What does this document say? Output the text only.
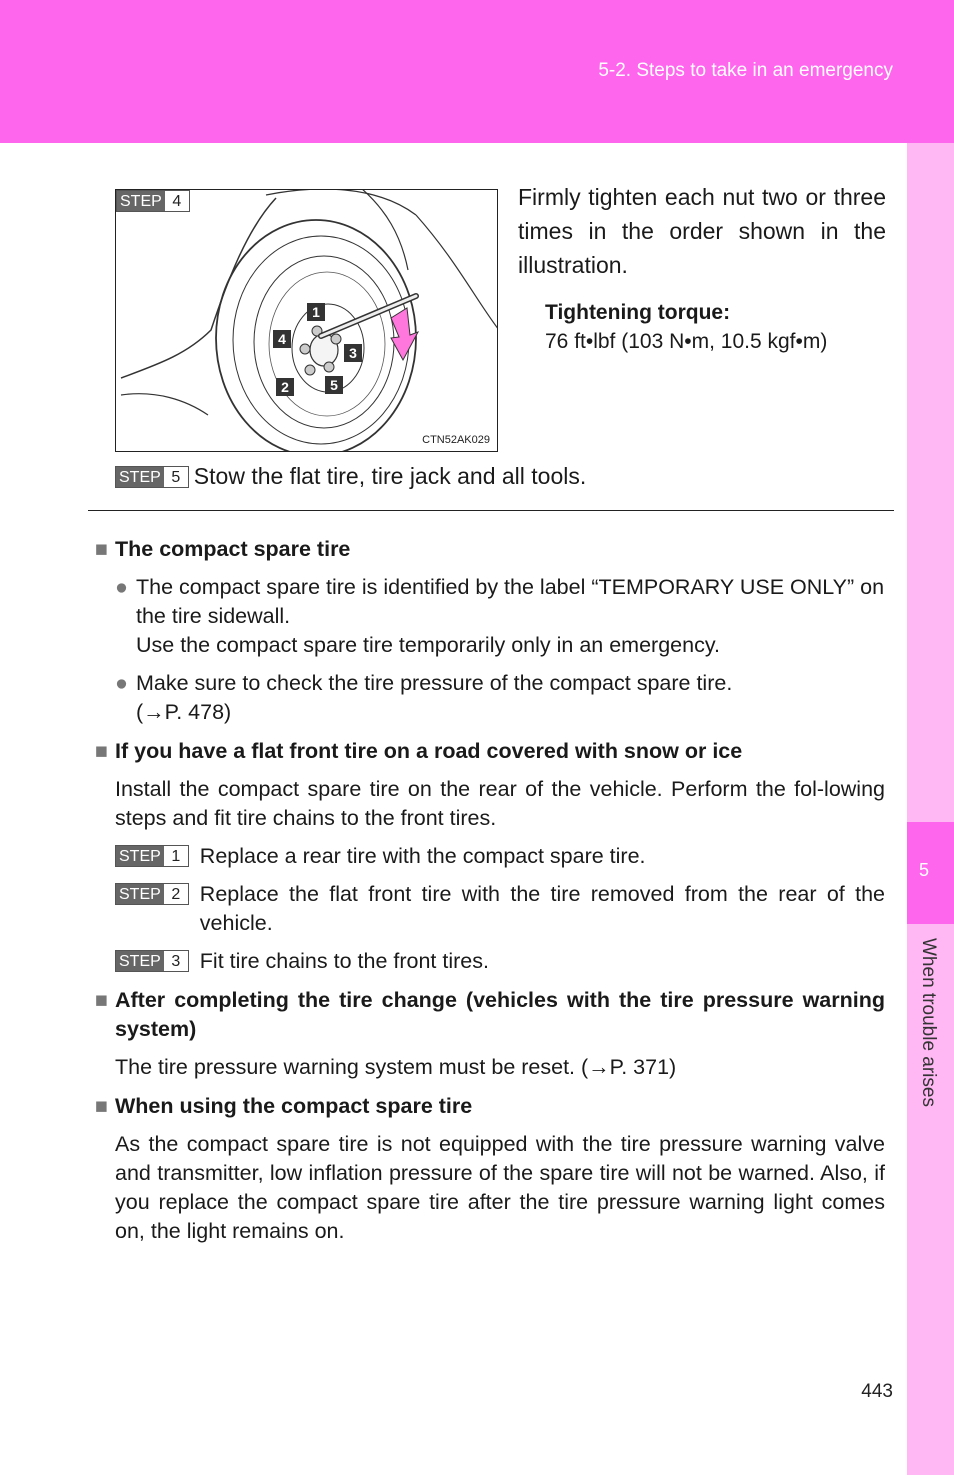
5-2. Steps to take in an emergency
5
When trouble arises
1
2
3
4
5
STEP 4
CTN52AK029
Firmly tighten each nut two or three times in the order shown in the illustration.
Tightening torque:
76 ft•lbf (103 N•m, 10.5 kgf•m)
STEP 5 Stow the flat tire, tire jack and all tools.
■ The compact spare tire
● The compact spare tire is identified by the label “TEMPORARY USE ONLY” on the tire sidewall.
Use the compact spare tire temporarily only in an emergency.
● Make sure to check the tire pressure of the compact spare tire.
(→P. 478)
■ If you have a flat front tire on a road covered with snow or ice
Install the compact spare tire on the rear of the vehicle. Perform the fol-lowing steps and fit tire chains to the front tires.
STEP 1 Replace a rear tire with the compact spare tire.
STEP 2 Replace the flat front tire with the tire removed from the rear of the vehicle.
STEP 3 Fit tire chains to the front tires.
■ After completing the tire change (vehicles with the tire pressure warning system)
The tire pressure warning system must be reset. (→P. 371)
■ When using the compact spare tire
As the compact spare tire is not equipped with the tire pressure warning valve and transmitter, low inflation pressure of the spare tire will not be warned. Also, if you replace the compact spare tire after the tire pressure warning light comes on, the light remains on.
443
